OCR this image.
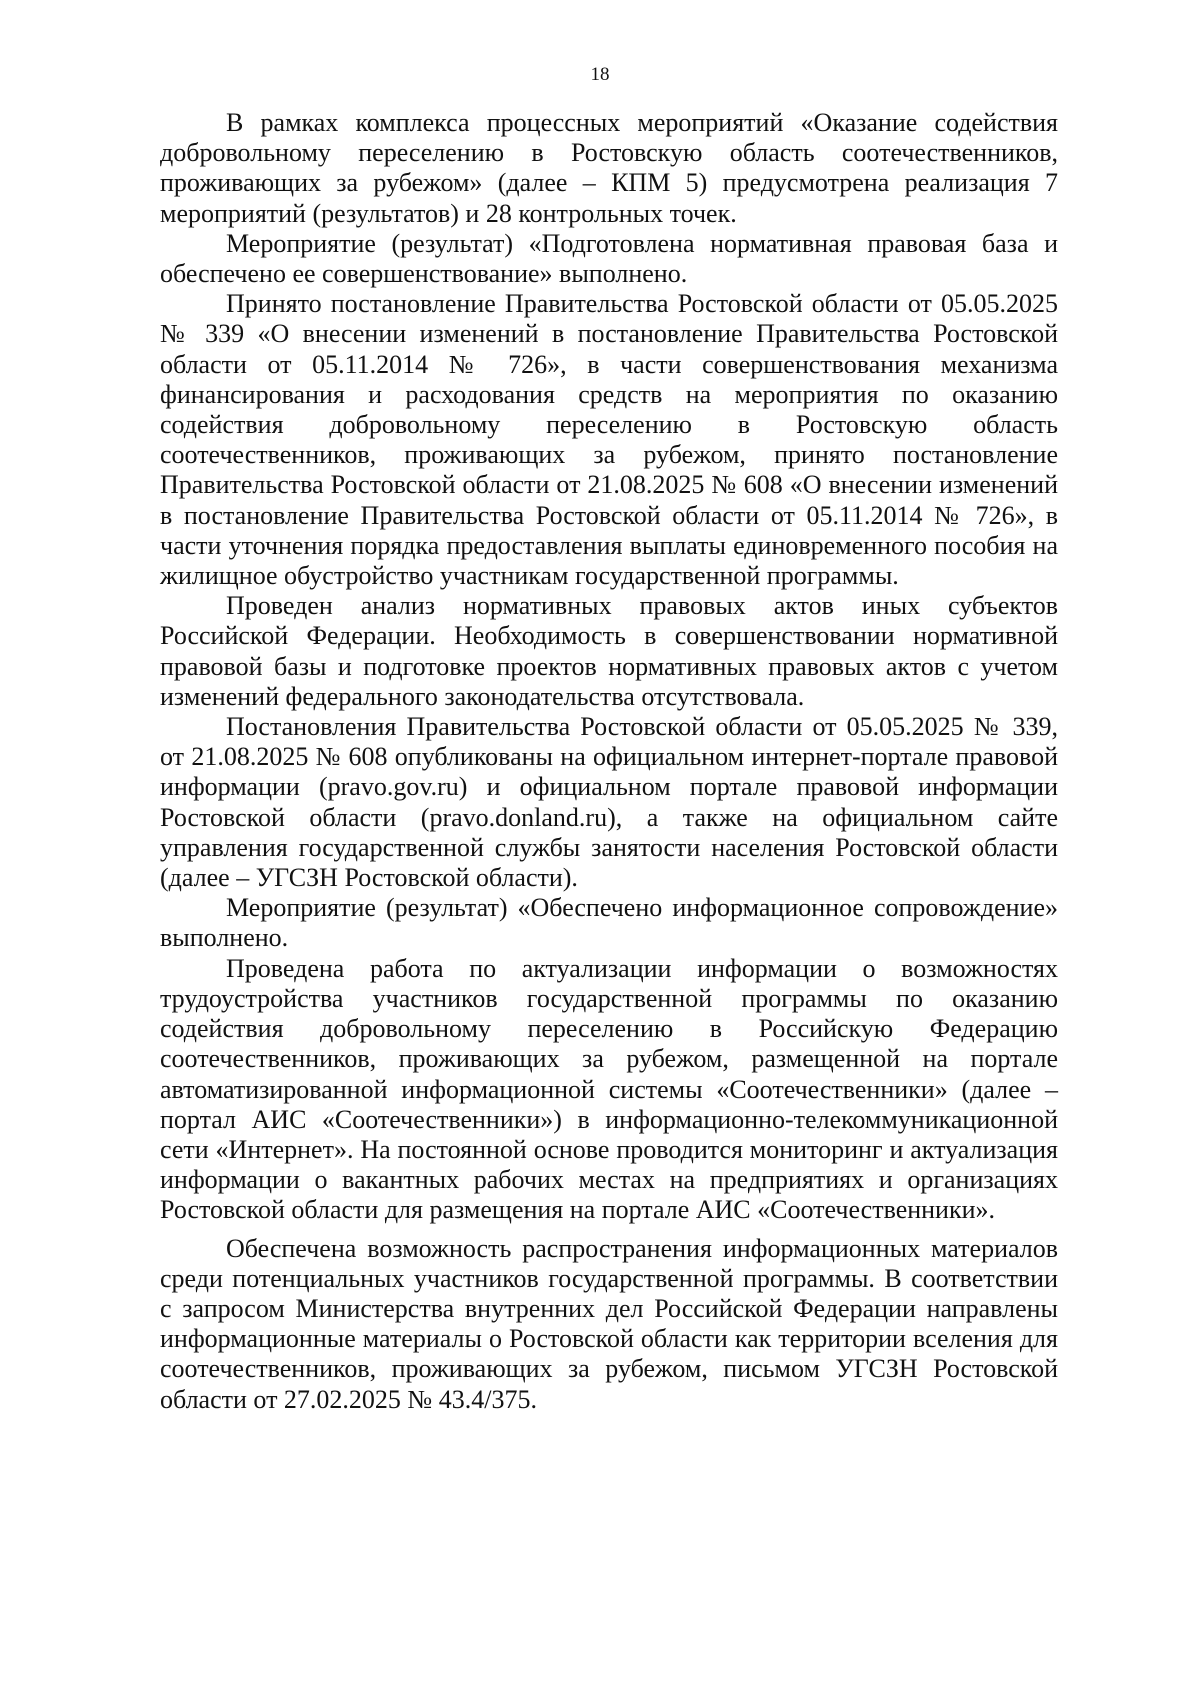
18

В рамках комплекса процессных мероприятий «Оказание содействия добровольному переселению в Ростовскую область соотечественников, проживающих за рубежом» (далее – КПМ 5) предусмотрена реализация 7 мероприятий (результатов) и 28 контрольных точек.

Мероприятие (результат) «Подготовлена нормативная правовая база и обеспечено ее совершенствование» выполнено.

Принято постановление Правительства Ростовской области от 05.05.2025 № 339 «О внесении изменений в постановление Правительства Ростовской области от 05.11.2014 № 726», в части совершенствования механизма финансирования и расходования средств на мероприятия по оказанию содействия добровольному переселению в Ростовскую область соотечественников, проживающих за рубежом, принято постановление Правительства Ростовской области от 21.08.2025 № 608 «О внесении изменений в постановление Правительства Ростовской области от 05.11.2014 № 726», в части уточнения порядка предоставления выплаты единовременного пособия на жилищное обустройство участникам государственной программы.

Проведен анализ нормативных правовых актов иных субъектов Российской Федерации. Необходимость в совершенствовании нормативной правовой базы и подготовке проектов нормативных правовых актов с учетом изменений федерального законодательства отсутствовала.

Постановления Правительства Ростовской области от 05.05.2025 № 339, от 21.08.2025 № 608 опубликованы на официальном интернет-портале правовой информации (pravo.gov.ru) и официальном портале правовой информации Ростовской области (pravo.donland.ru), а также на официальном сайте управления государственной службы занятости населения Ростовской области (далее – УГСЗН Ростовской области).

Мероприятие (результат) «Обеспечено информационное сопровождение» выполнено.

Проведена работа по актуализации информации о возможностях трудоустройства участников государственной программы по оказанию содействия добровольному переселению в Российскую Федерацию соотечественников, проживающих за рубежом, размещенной на портале автоматизированной информационной системы «Соотечественники» (далее – портал АИС «Соотечественники») в информационно-телекоммуникационной сети «Интернет». На постоянной основе проводится мониторинг и актуализация информации о вакантных рабочих местах на предприятиях и организациях Ростовской области для размещения на портале АИС «Соотечественники».

Обеспечена возможность распространения информационных материалов среди потенциальных участников государственной программы. В соответствии с запросом Министерства внутренних дел Российской Федерации направлены информационные материалы о Ростовской области как территории вселения для соотечественников, проживающих за рубежом, письмом УГСЗН Ростовской области от 27.02.2025 № 43.4/375.
